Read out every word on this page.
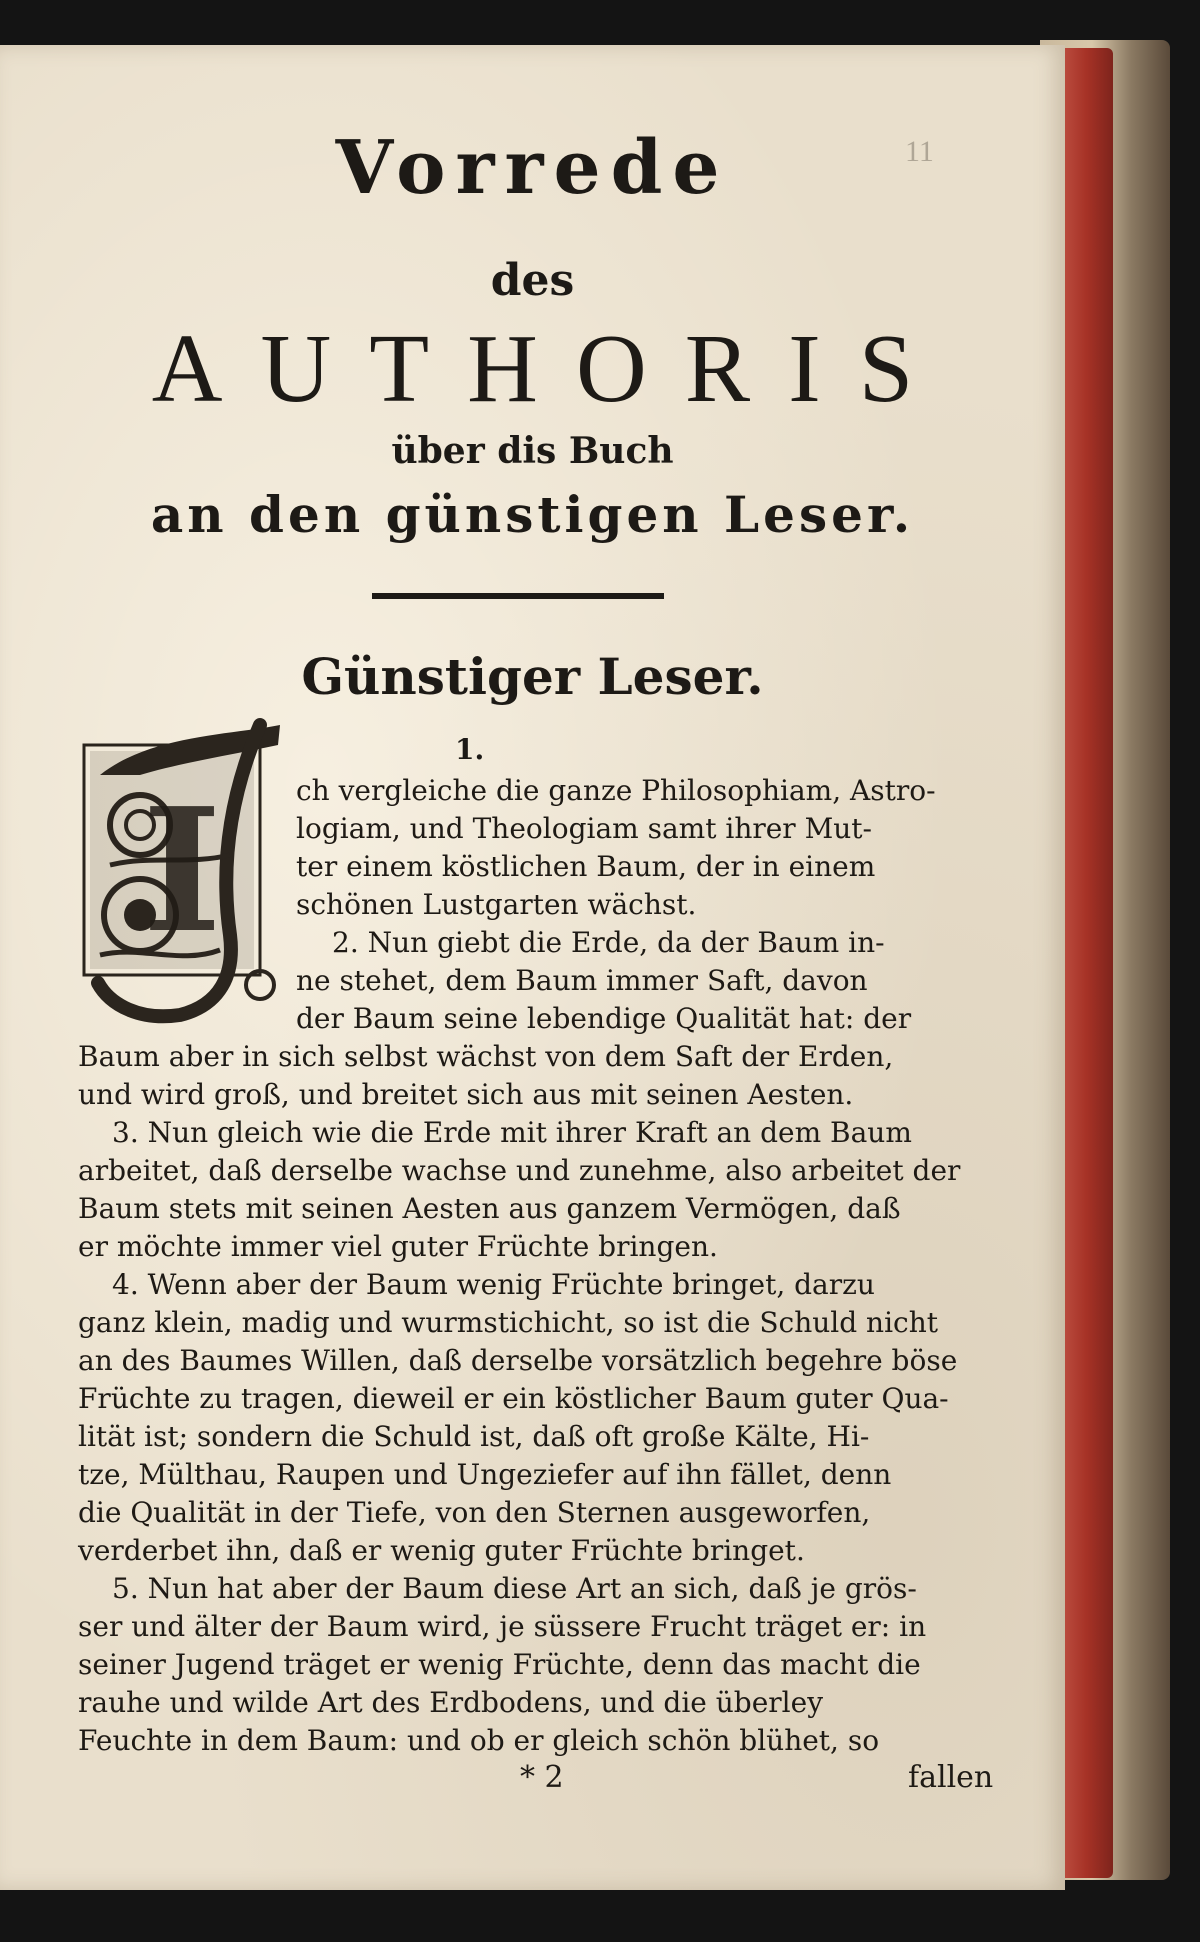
11
Vorrede
des
AUTHORIS
über dis Buch
an den günstigen Leser.
Günstiger Leser.
I
1.
ch vergleiche die ganze Philosophiam, Astro-
logiam, und Theologiam samt ihrer Mut-
ter einem köstlichen Baum, der in einem
schönen Lustgarten wächst.
2. Nun giebt die Erde, da der Baum in-
ne stehet, dem Baum immer Saft, davon
der Baum seine lebendige Qualität hat: der
Baum aber in sich selbst wächst von dem Saft der Erden,
und wird groß, und breitet sich aus mit seinen Aesten.
3. Nun gleich wie die Erde mit ihrer Kraft an dem Baum
arbeitet, daß derselbe wachse und zunehme, also arbeitet der
Baum stets mit seinen Aesten aus ganzem Vermögen, daß
er möchte immer viel guter Früchte bringen.
4. Wenn aber der Baum wenig Früchte bringet, darzu
ganz klein, madig und wurmstichicht, so ist die Schuld nicht
an des Baumes Willen, daß derselbe vorsätzlich begehre böse
Früchte zu tragen, dieweil er ein köstlicher Baum guter Qua-
lität ist; sondern die Schuld ist, daß oft große Kälte, Hi-
tze, Mülthau, Raupen und Ungeziefer auf ihn fället, denn
die Qualität in der Tiefe, von den Sternen ausgeworfen,
verderbet ihn, daß er wenig guter Früchte bringet.
5. Nun hat aber der Baum diese Art an sich, daß je grös-
ser und älter der Baum wird, je süssere Frucht träget er: in
seiner Jugend träget er wenig Früchte, denn das macht die
rauhe und wilde Art des Erdbodens, und die überley
Feuchte in dem Baum: und ob er gleich schön blühet, so
* 2	fallen
